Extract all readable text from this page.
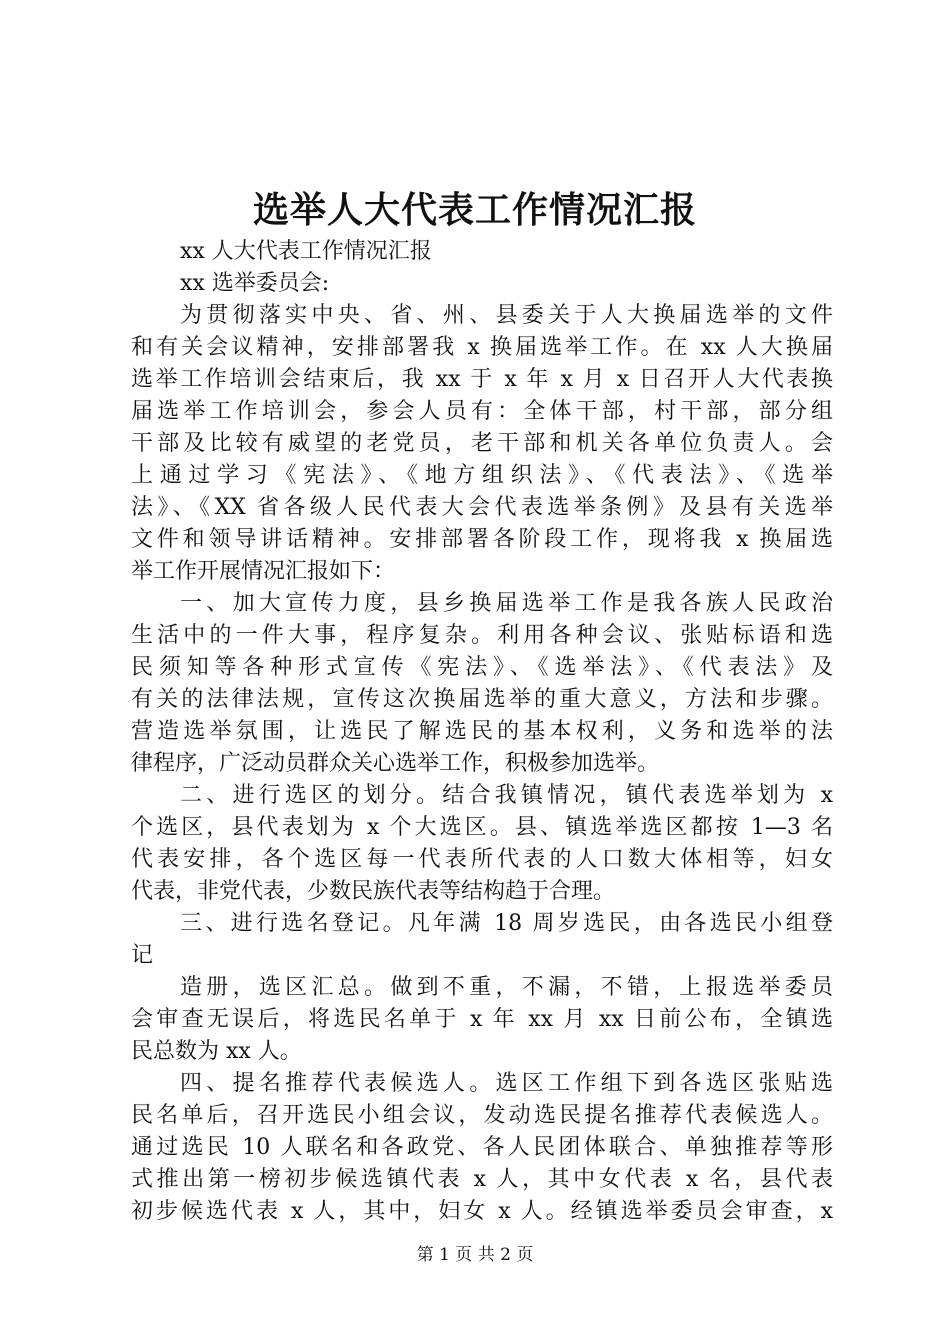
选举人大代表工作情况汇报
xx 人大代表工作情况汇报
xx 选举委员会:
为贯彻落实中央、省、州、县委关于人大换届选举的文件
和有关会议精神，安排部署我 x 换届选举工作。在 xx 人大换届
选举工作培训会结束后，我 xx 于 x 年 x 月 x 日召开人大代表换
届选举工作培训会，参会人员有：全体干部，村干部，部分组
干部及比较有威望的老党员，老干部和机关各单位负责人。会
上通过学习《宪法》、《地方组织法》、《代表法》、《选举
法》、《XX 省各级人民代表大会代表选举条例》及县有关选举
文件和领导讲话精神。安排部署各阶段工作，现将我 x 换届选
举工作开展情况汇报如下：
一、加大宣传力度，县乡换届选举工作是我各族人民政治
生活中的一件大事，程序复杂。利用各种会议、张贴标语和选
民须知等各种形式宣传《宪法》、《选举法》、《代表法》及
有关的法律法规，宣传这次换届选举的重大意义，方法和步骤。
营造选举氛围，让选民了解选民的基本权利，义务和选举的法
律程序，广泛动员群众关心选举工作，积极参加选举。
二、进行选区的划分。结合我镇情况，镇代表选举划为 x
个选区，县代表划为 x 个大选区。县、镇选举选区都按 1—3 名
代表安排，各个选区每一代表所代表的人口数大体相等，妇女
代表，非党代表，少数民族代表等结构趋于合理。
三、进行选名登记。凡年满 18 周岁选民，由各选民小组登
记
造册，选区汇总。做到不重，不漏，不错，上报选举委员
会审查无误后，将选民名单于 x 年 xx 月 xx 日前公布，全镇选
民总数为 xx 人。
四、提名推荐代表候选人。选区工作组下到各选区张贴选
民名单后，召开选民小组会议，发动选民提名推荐代表候选人。
通过选民 10 人联名和各政党、各人民团体联合、单独推荐等形
式推出第一榜初步候选镇代表 x 人，其中女代表 x 名，县代表
初步候选代表 x 人，其中，妇女 x 人。经镇选举委员会审查，x
第 1 页 共 2 页
